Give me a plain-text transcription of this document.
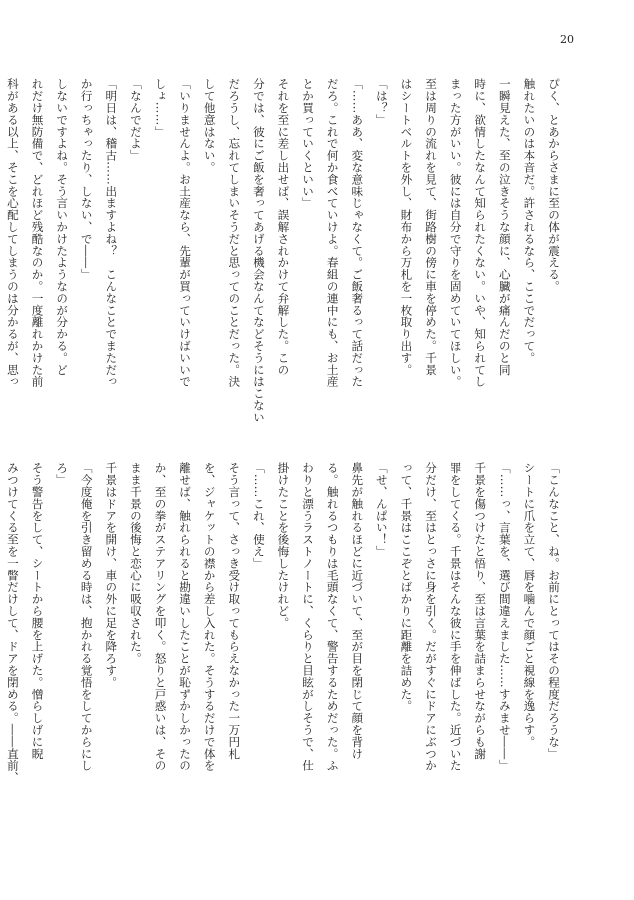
20
ぴく、とあからさまに至の体が震える。
触れたいのは本音だ。許されるなら、ここでだって。
一瞬見えた、至の泣きそうな顔に、心臓が痛んだのと同
時に、欲情したなんて知られたくない。いや、知られてし
まった方がいい。彼には自分で守りを固めていてほしい。
至は周りの流れを見て、街路樹の傍に車を停めた。千景
はシートベルトを外し、財布から万札を一枚取り出す。
「は？」
「……ああ、変な意味じゃなくて。ご飯奢るって話だった
だろ。これで何か食べていけよ。春組の連中にも、お土産
とか買っていくといい」
それを至に差し出せば、誤解されかけて弁解した。この
分では、彼にご飯を奢ってあげる機会なんてなどそうにはこない
だろうし、忘れてしまいそうだと思ってのことだった。決
して他意はない。
「いりませんよ。お土産なら、先輩が買っていけばいいで
しょ……」
「なんでだよ」
「明日は、稽古……出ますよね？　こんなことでまただっ
か行っちゃったり、しない、で――」
しないですよね。そう言いかけたようなのが分かる。ど
れだけ無防備で、どれほど残酷なのか。一度離れかけた前
科がある以上、そこを心配してしまうのは分かるが、思っ
「こんなこと、ね。お前にとってはその程度だろうな」
シートに爪を立て、唇を噛んで顔ごと視線を逸らす。
「……っ、言葉を、選び間違えました……すみませ――」
千景を傷つけたと悟り、至は言葉を詰まらせながらも謝
罪をしてくる。千景はそんな彼に手を伸ばした。近づいた
分だけ、至はとっさに身を引く。だがすぐにドアにぶつか
って、千景はここぞとばかりに距離を詰めた。
「せ、んぱい！」
鼻先が触れるほどに近づいて、至が目を閉じて顔を背け
る。触れるつもりは毛頭なくて、警告するためだった。ふ
わりと漂うラストノートに、くらりと目眩がしそうで、仕
掛けたことを後悔したけれど。
「……これ、使え」
そう言って、さっき受け取ってもらえなかった一万円札
を、ジャケットの襟から差し入れた。そうするだけで体を
離せば、触れられると勘違いしたことが恥ずかしかったの
か、至の拳がステアリングを叩く。怒りと戸惑いは、その
まま千景の後悔と恋心に吸収された。
千景はドアを開け、車の外に足を降ろす。
「今度俺を引き留める時は、抱かれる覚悟をしてからにし
ろ」
そう警告をして、シートから腰を上げた。憎らしげに睨
みつけてくる至を一瞥だけして、ドアを閉める。――直前、
